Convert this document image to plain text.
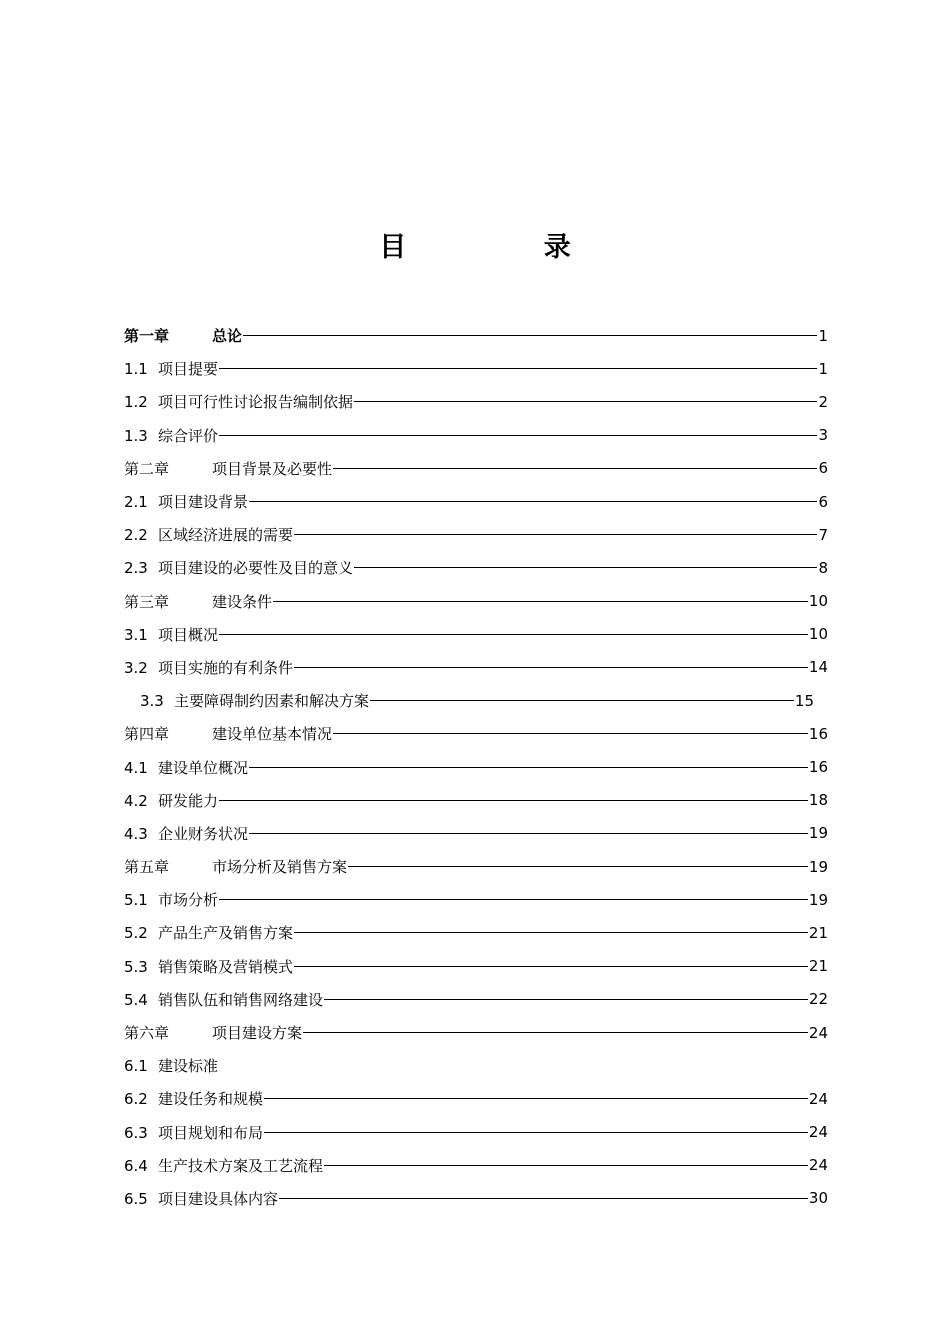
目 录
第一章	总论	1
1.1 项目提要	1
1.2 项目可行性讨论报告编制依据	2
1.3 综合评价	3
第二章	项目背景及必要性	6
2.1 项目建设背景	6
2.2 区域经济进展的需要	7
2.3 项目建设的必要性及目的意义	8
第三章	建设条件	10
3.1 项目概况	10
3.2 项目实施的有利条件	14
3.3 主要障碍制约因素和解决方案	15
第四章	建设单位基本情况	16
4.1 建设单位概况	16
4.2 研发能力	18
4.3 企业财务状况	19
第五章	市场分析及销售方案	19
5.1 市场分析	19
5.2 产品生产及销售方案	21
5.3 销售策略及营销模式	21
5.4 销售队伍和销售网络建设	22
第六章	项目建设方案	24
6.1 建设标准
6.2 建设任务和规模	24
6.3 项目规划和布局	24
6.4 生产技术方案及工艺流程	24
6.5 项目建设具体内容	30
